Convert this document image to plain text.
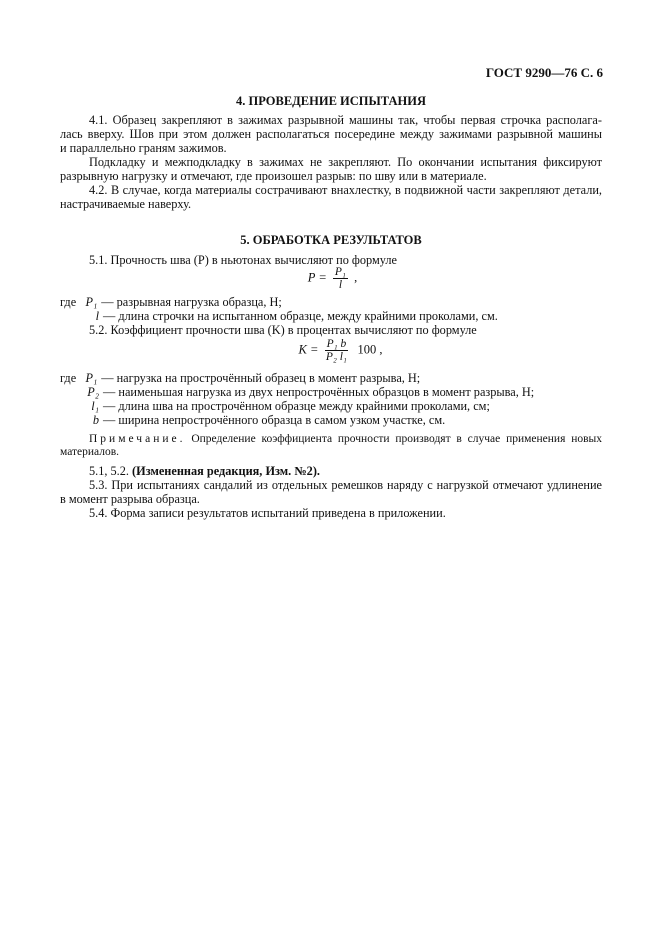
ГОСТ 9290—76 С. 6
4. ПРОВЕДЕНИЕ ИСПЫТАНИЯ
4.1. Образец закрепляют в зажимах разрывной машины так, чтобы первая строчка располага-
лась вверху. Шов при этом должен располагаться посередине между зажимами разрывной машины
и параллельно граням зажимов.
Подкладку и межподкладку в зажимах не закрепляют. По окончании испытания фиксируют
разрывную нагрузку и отмечают, где произошел разрыв: по шву или в материале.
4.2. В случае, когда материалы сострачивают внахлестку, в подвижной части закрепляют детали,
настрачиваемые наверху.
5. ОБРАБОТКА РЕЗУЛЬТАТОВ
5.1. Прочность шва (P) в ньютонах вычисляют по формуле
$P = \frac{\text{P₁}}{l}$ ,
где P₁ — разрывная нагрузка образца, Н;
l — длина строчки на испытанном образце, между крайними проколами, см.
5.2. Коэффициент прочности шва (K) в процентах вычисляют по формуле
$K = \frac{\text{P₁ b}}{\text{P₂ l₁}} 100$ ,
где P₁ — нагрузка на прострочённый образец в момент разрыва, Н;
P₂ — наименьшая нагрузка из двух непрострочённых образцов в момент разрыва, Н;
l₁ — длина шва на прострочённом образце между крайними проколами, см;
b — ширина непрострочённого образца в самом узком участке, см.
Примечание. Определение коэффициента прочности производят в случае применения новых
материалов.
5.1, 5.2. (Измененная редакция, Изм. №2).
5.3. При испытаниях сандалий из отдельных ремешков наряду с нагрузкой отмечают удлинение
в момент разрыва образца.
5.4. Форма записи результатов испытаний приведена в приложении.
